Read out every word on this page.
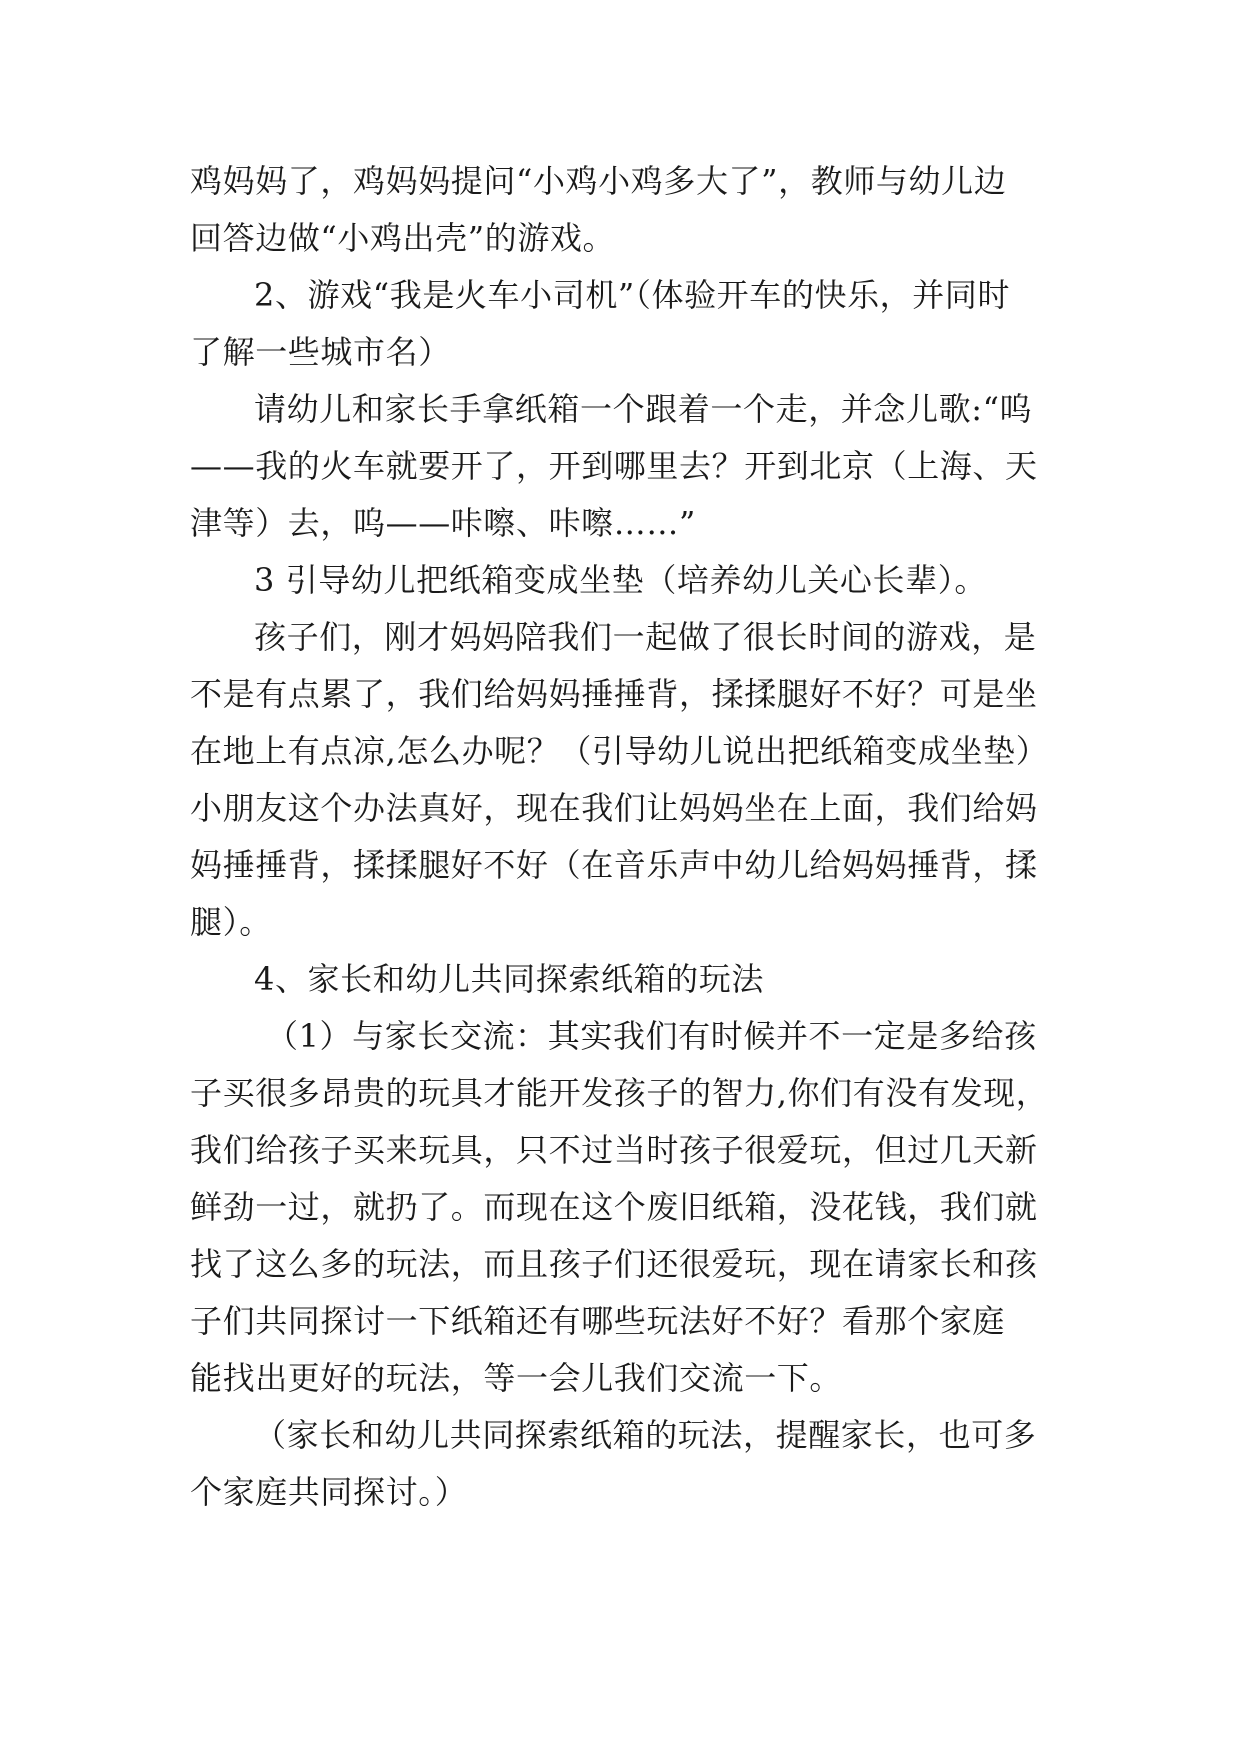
鸡妈妈了，鸡妈妈提问“小鸡小鸡多大了”，教师与幼儿边
回答边做“小鸡出壳”的游戏。
2、游戏“我是火车小司机”（体验开车的快乐，并同时
了解一些城市名）
请幼儿和家长手拿纸箱一个跟着一个走，并念儿歌:“呜
——我的火车就要开了，开到哪里去？开到北京（上海、天
津等）去，呜——咔嚓、咔嚓……”
3 引导幼儿把纸箱变成坐垫（培养幼儿关心长辈）。
孩子们，刚才妈妈陪我们一起做了很长时间的游戏，是
不是有点累了，我们给妈妈捶捶背，揉揉腿好不好？可是坐
在地上有点凉,怎么办呢？（引导幼儿说出把纸箱变成坐垫）
小朋友这个办法真好，现在我们让妈妈坐在上面，我们给妈
妈捶捶背，揉揉腿好不好（在音乐声中幼儿给妈妈捶背，揉
腿）。
4、家长和幼儿共同探索纸箱的玩法
（1）与家长交流：其实我们有时候并不一定是多给孩
子买很多昂贵的玩具才能开发孩子的智力,你们有没有发现，
我们给孩子买来玩具，只不过当时孩子很爱玩，但过几天新
鲜劲一过，就扔了。而现在这个废旧纸箱，没花钱，我们就
找了这么多的玩法，而且孩子们还很爱玩，现在请家长和孩
子们共同探讨一下纸箱还有哪些玩法好不好？看那个家庭
能找出更好的玩法，等一会儿我们交流一下。
（家长和幼儿共同探索纸箱的玩法，提醒家长，也可多
个家庭共同探讨。）
